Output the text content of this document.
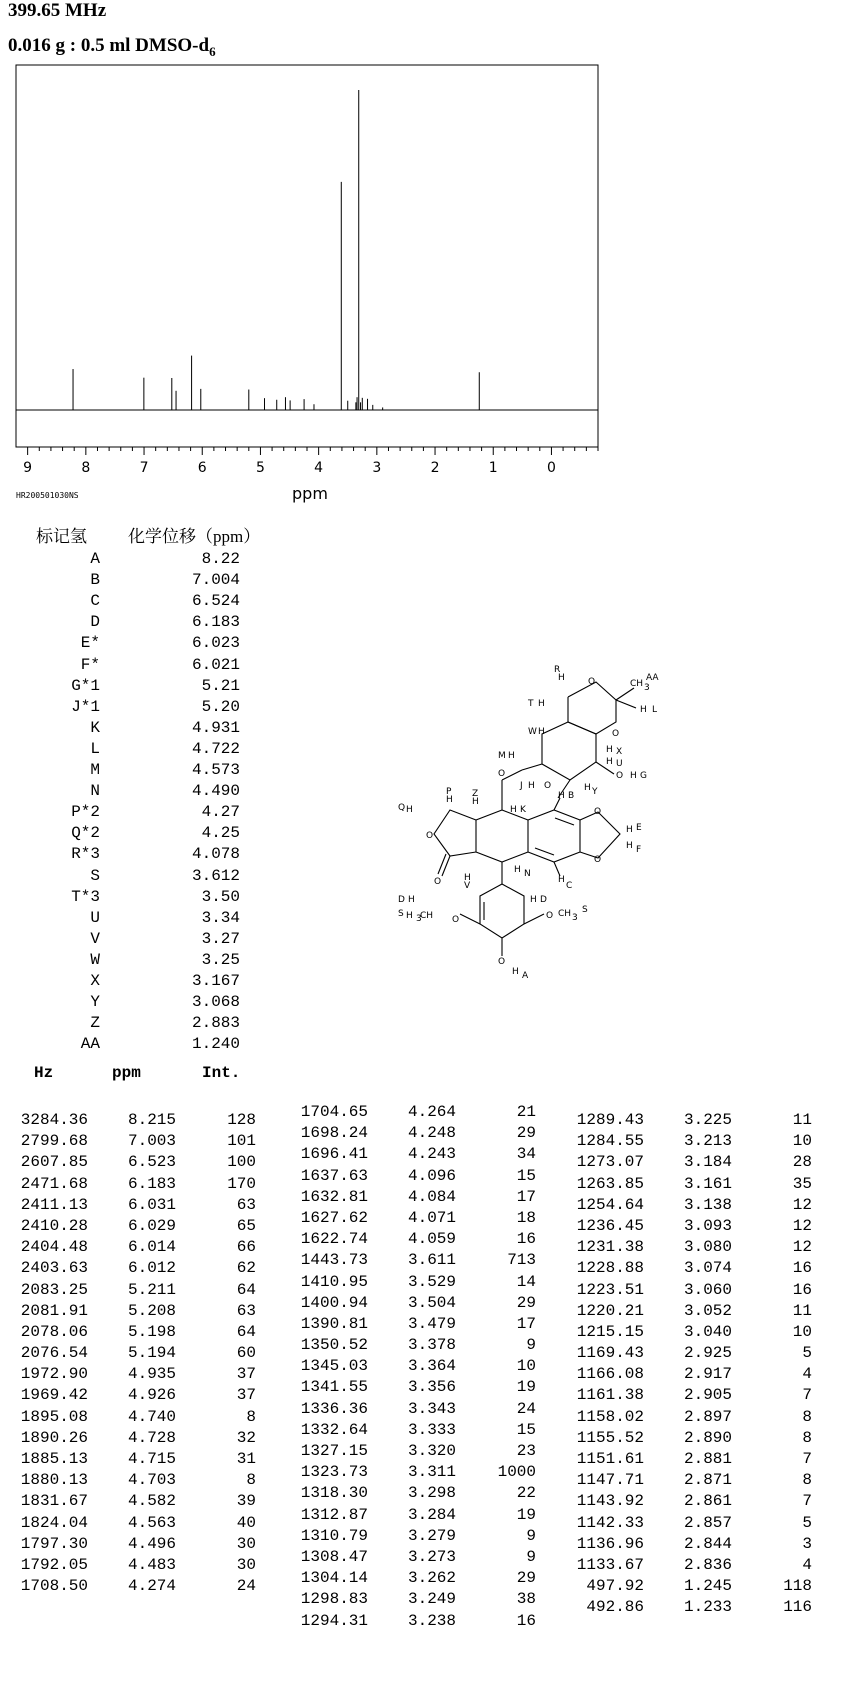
399.65 MHz
0.016 g : 0.5 ml DMSO-$d_6$
9	8	7	6	5	4	3	2	1	0
HR200501030NS	ppm
标记氢 化学位移（ppm）
A	8.22
B	7.004
C	6.524
D	6.183
E*	6.023
F*	6.021
G*1	5.21
J*1	5.20
K	4.931
L	4.722
M	4.573
N	4.490
P*2	4.27
Q*2	4.25
R*3	4.078
S	3.612
T*3	3.50
U	3.34
V	3.27
W	3.25
X	3.167
Y	3.068
Z	2.883
AA	1.240
Hz	ppm	Int.
3284.36 8.215	128
2799.68 7.003	101
2607.85 6.523	100
2471.68 6.183	170
2411.13 6.031	63
2410.28 6.029	65
2404.48 6.014	66
2403.63 6.012	62
2083.25 5.211	64
2081.91 5.208	63
2078.06 5.198	64
2076.54 5.194	60
1972.90 4.935	37
1969.42 4.926	37
1895.08 4.740	8
1890.26 4.728	32
1885.13 4.715	31
1880.13 4.703	8
1831.67 4.582	39
1824.04 4.563	40
1797.30 4.496	30
1792.05 4.483	30
1708.50 4.274	24
1704.65 4.264	21
1698.24 4.248	29
1696.41 4.243	34
1637.63 4.096	15
1632.81 4.084	17
1627.62 4.071	18
1622.74 4.059	16
1443.73 3.611	713
1410.95 3.529	14
1400.94 3.504	29
1390.81 3.479	17
1350.52 3.378	9
1345.03 3.364	10
1341.55 3.356	19
1336.36 3.343	24
1332.64 3.333	15
1327.15 3.320	23
1323.73 3.311	1000
1318.30 3.298	22
1312.87 3.284	19
1310.79 3.279	9
1308.47 3.273	9
1304.14 3.262	29
1298.83 3.249	38
1294.31 3.238	16
1289.43 3.225	11
1284.55 3.213	10
1273.07 3.184	28
1263.85 3.161	35
1254.64 3.138	12
1236.45 3.093	12
1231.38 3.080	12
1228.88 3.074	16
1223.51 3.060	16
1220.21 3.052	11
1215.15 3.040	10
1169.43 2.925	5
1166.08 2.917	4
1161.38 2.905	7
1158.02 2.897	8
1155.52 2.890	8
1151.61 2.881	7
1147.71 2.871	8
1143.92 2.861	7
1142.33 2.857	5
1136.96 2.844	3
1133.67 2.836	4
497.92 1.245	118
492.86 1.233	116
O
O
CH 3
AA
H L
H
R
T H
W H
H X
H U
O H G
M H
J H O	H Y
O
Q H
H
P
H
Z
H K
H B
O
O
H E
H F
O
O	H
V
H N
H
C
D H	H D
S H 3
CH O	O CH 3
S
O
H A
